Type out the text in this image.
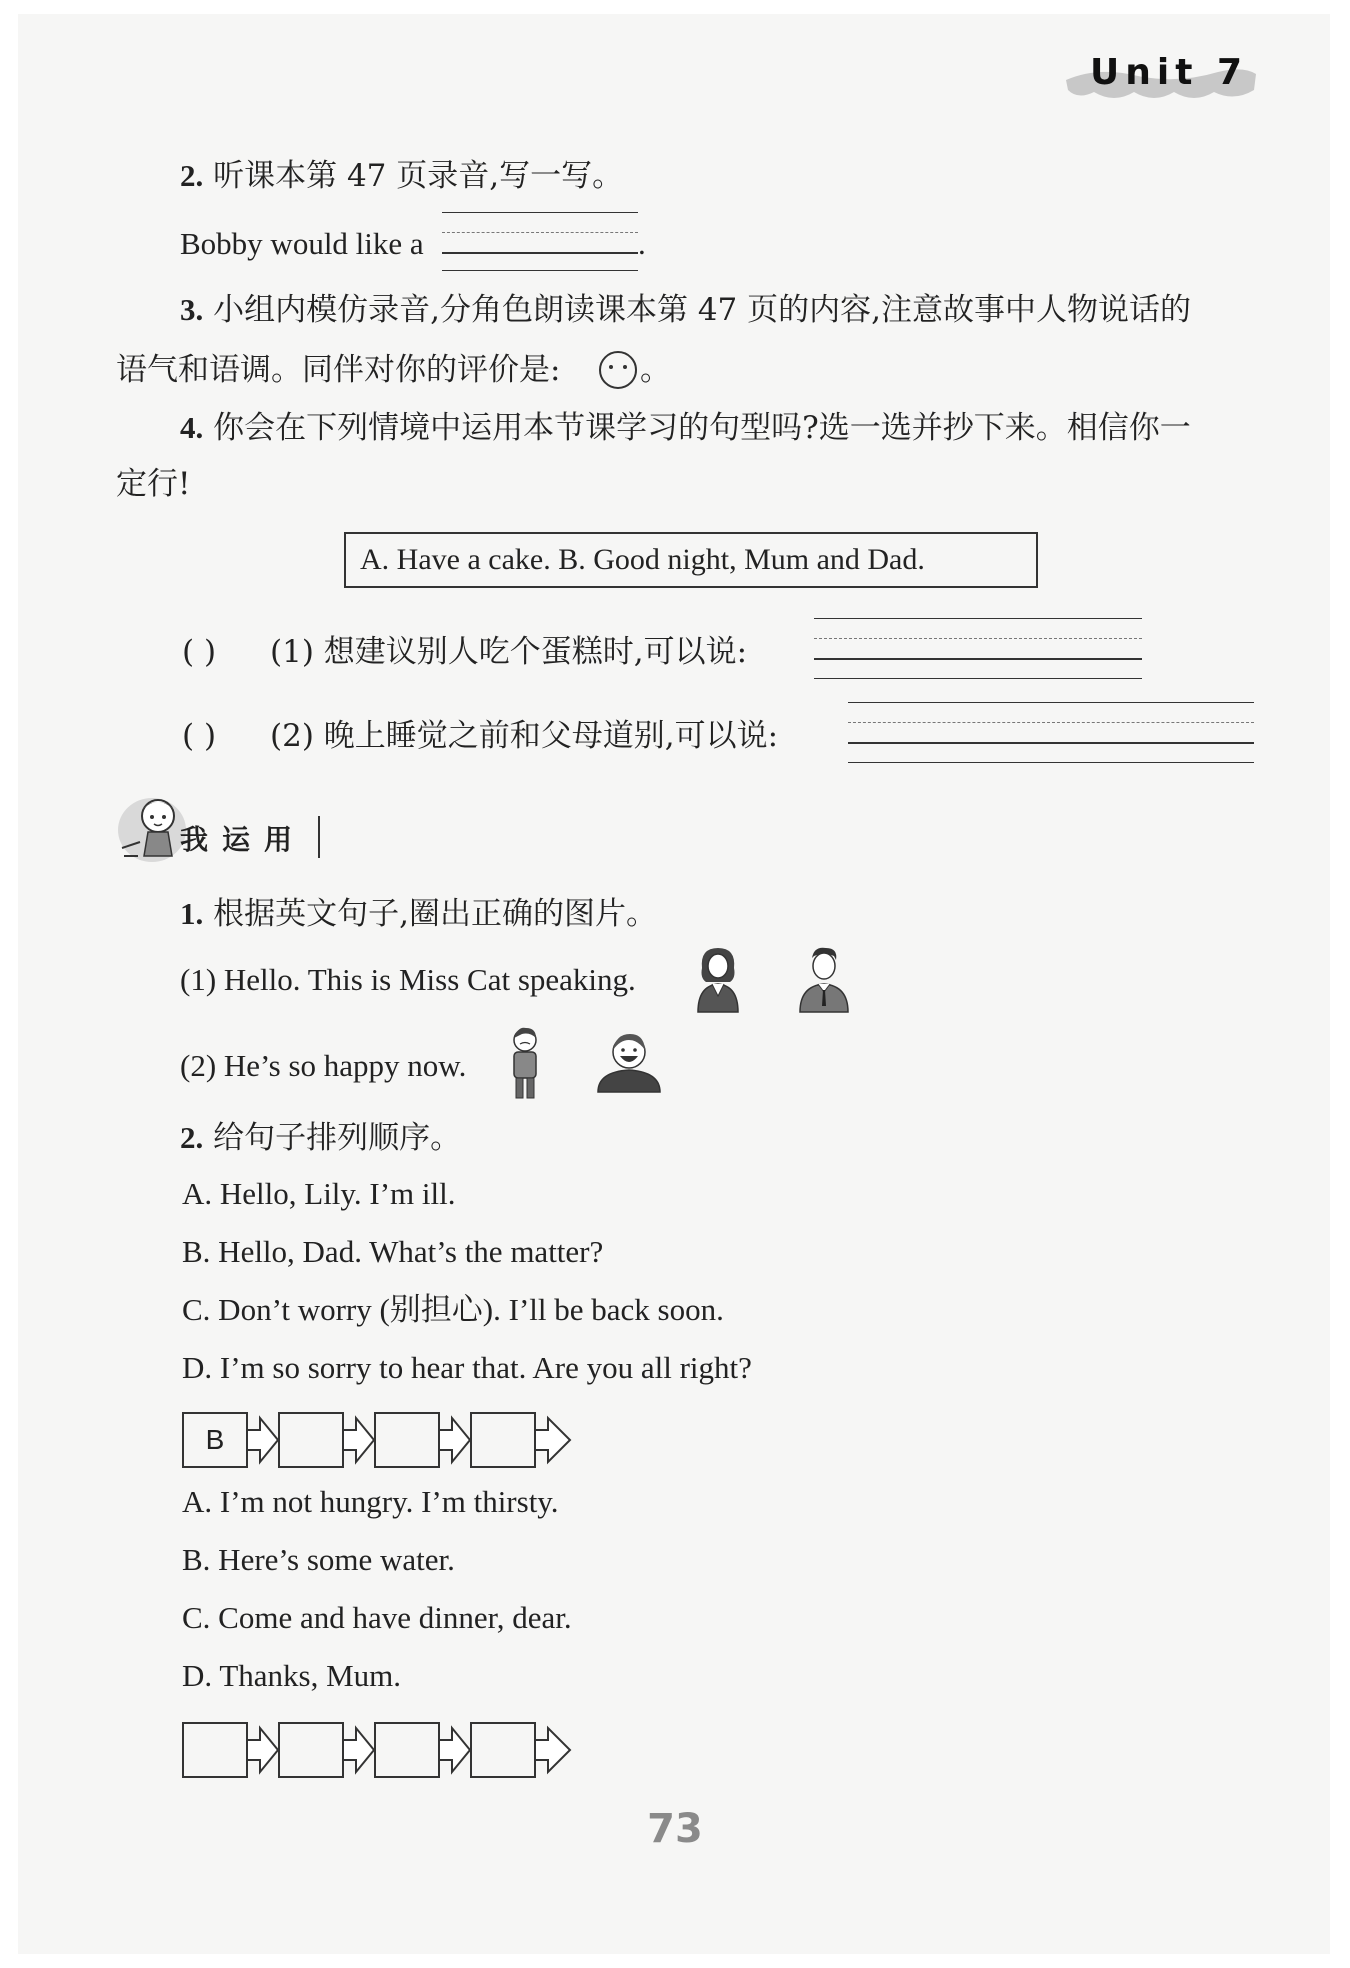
Unit 7
2. 听课本第 47 页录音,写一写。
Bobby would like a	.
3. 小组内模仿录音,分角色朗读课本第 47 页的内容,注意故事中人物说话的
语气和语调。同伴对你的评价是:	。
4. 你会在下列情境中运用本节课学习的句型吗?选一选并抄下来。相信你一
定行!
A. Have a cake. B. Good night, Mum and Dad.
( ) (1) 想建议别人吃个蛋糕时,可以说:
( ) (2) 晚上睡觉之前和父母道别,可以说:
我运用
1. 根据英文句子,圈出正确的图片。
(1) Hello. This is Miss Cat speaking.
(2) He’s so happy now.
2. 给句子排列顺序。
A. Hello, Lily. I’m ill.
B. Hello, Dad. What’s the matter?
C. Don’t worry (别担心). I’ll be back soon.
D. I’m so sorry to hear that. Are you all right?
B
A. I’m not hungry. I’m thirsty.
B. Here’s some water.
C. Come and have dinner, dear.
D. Thanks, Mum.
73
